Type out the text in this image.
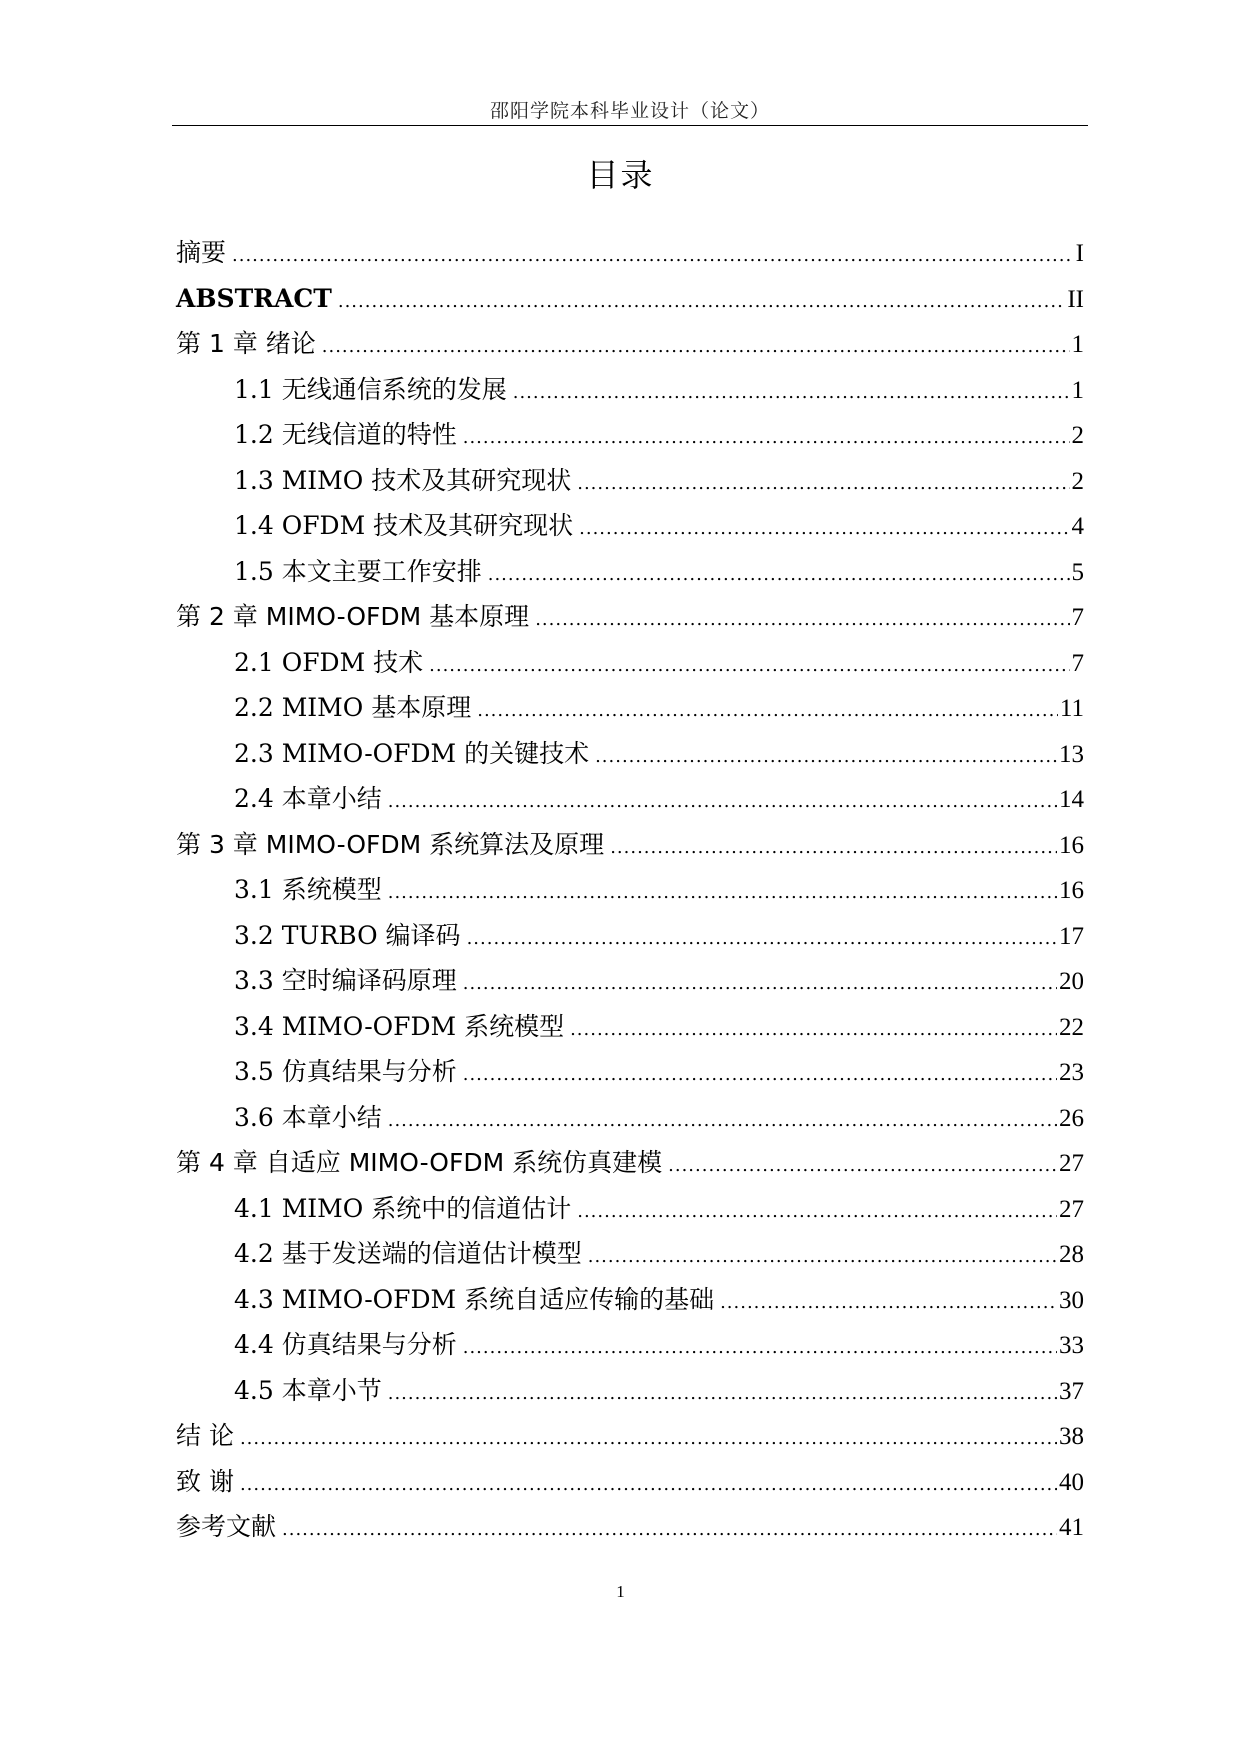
邵阳学院本科毕业设计（论文）
目录
摘要 .....	I
ABSTRACT .....	II
第 1 章 绪论 .....	1
1.1 无线通信系统的发展 .....	1
1.2 无线信道的特性 .....	2
1.3 MIMO 技术及其研究现状 .....	2
1.4 OFDM 技术及其研究现状 .....	4
1.5 本文主要工作安排 .....	5
第 2 章 MIMO-OFDM 基本原理 .....	7
2.1 OFDM 技术 .....	7
2.2 MIMO 基本原理 .....	11
2.3 MIMO-OFDM 的关键技术 .....	13
2.4 本章小结 .....	14
第 3 章 MIMO-OFDM 系统算法及原理 .....	16
3.1 系统模型 .....	16
3.2 TURBO 编译码 .....	17
3.3 空时编译码原理 .....	20
3.4 MIMO-OFDM 系统模型 .....	22
3.5 仿真结果与分析 .....	23
3.6 本章小结 .....	26
第 4 章 自适应 MIMO-OFDM 系统仿真建模 .....	27
4.1 MIMO 系统中的信道估计 .....	27
4.2 基于发送端的信道估计模型 .....	28
4.3 MIMO-OFDM 系统自适应传输的基础 .....	30
4.4 仿真结果与分析 .....	33
4.5 本章小节 .....	37
结 论 .....	38
致 谢 .....	40
参考文献 .....	41
1
